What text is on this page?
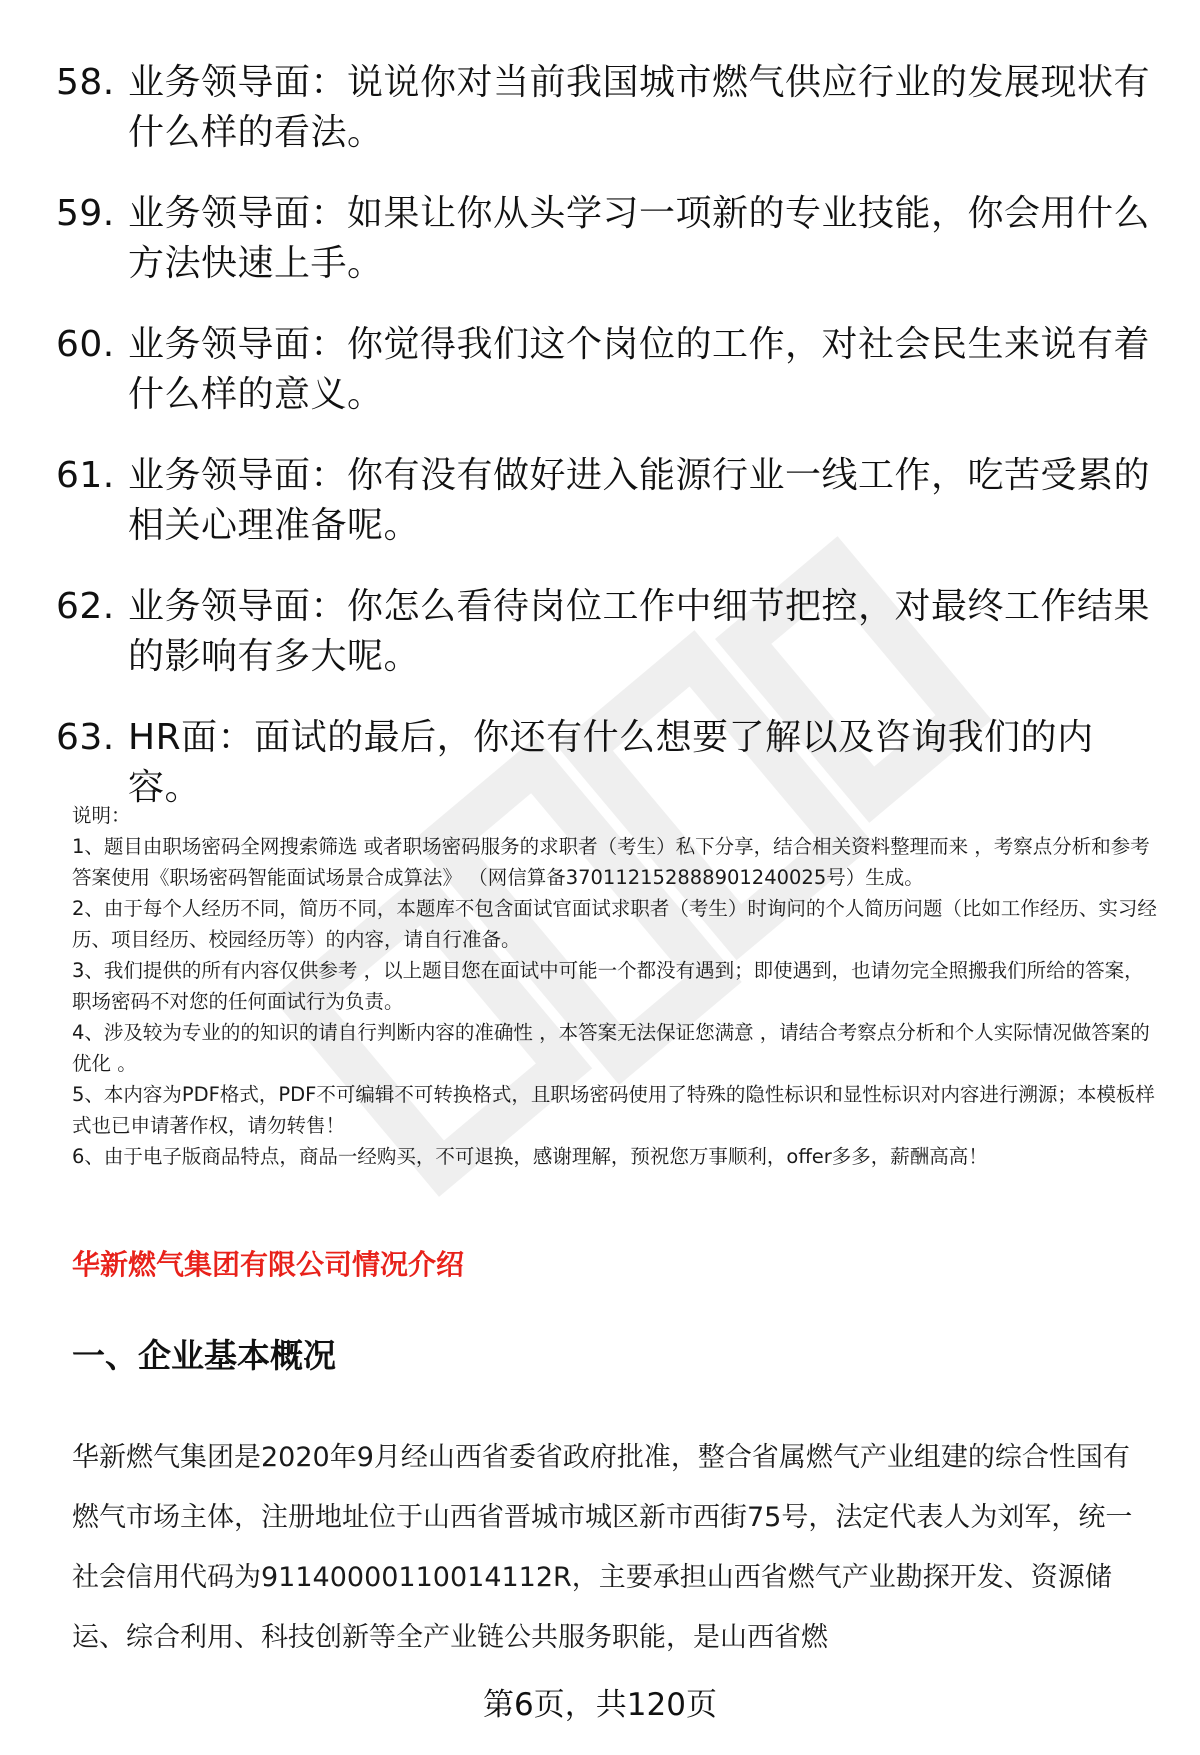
58. 业务领导面：说说你对当前我国城市燃气供应行业的发展现状有什么样的看法。
59. 业务领导面：如果让你从头学习一项新的专业技能，你会用什么方法快速上手。
60. 业务领导面：你觉得我们这个岗位的工作，对社会民生来说有着什么样的意义。
61. 业务领导面：你有没有做好进入能源行业一线工作，吃苦受累的相关心理准备呢。
62. 业务领导面：你怎么看待岗位工作中细节把控，对最终工作结果的影响有多大呢。
63. HR面：面试的最后，你还有什么想要了解以及咨询我们的内容。

说明：

1、题目由职场密码全网搜索筛选 或者职场密码服务的求职者（考生）私下分享，结合相关资料整理而来 ，考察点分析和参考答案使用《职场密码智能面试场景合成算法》 （网信算备370112152888901240025号）生成。

2、由于每个人经历不同，简历不同，本题库不包含面试官面试求职者（考生）时询问的个人简历问题（比如工作经历、实习经历、项目经历、校园经历等）的内容，请自行准备。

3、我们提供的所有内容仅供参考 ，以上题目您在面试中可能一个都没有遇到；即使遇到，也请勿完全照搬我们所给的答案，职场密码不对您的任何面试行为负责。

4、涉及较为专业的的知识的请自行判断内容的准确性 ，本答案无法保证您满意 ，请结合考察点分析和个人实际情况做答案的优化 。

5、本内容为PDF格式，PDF不可编辑不可转换格式，且职场密码使用了特殊的隐性标识和显性标识对内容进行溯源；本模板样式也已申请著作权，请勿转售！

6、由于电子版商品特点，商品一经购买，不可退换，感谢理解，预祝您万事顺利，offer多多，薪酬高高！

华新燃气集团有限公司情况介绍
一、企业基本概况

华新燃气集团是2020年9月经山西省委省政府批准，整合省属燃气产业组建的综合性国有燃气市场主体，注册地址位于山西省晋城市城区新市西街75号，法定代表人为刘军，统一社会信用代码为91140000110014112R，主要承担山西省燃气产业勘探开发、资源储运、综合利用、科技创新等全产业链公共服务职能，是山西省燃

第6页，共120页
